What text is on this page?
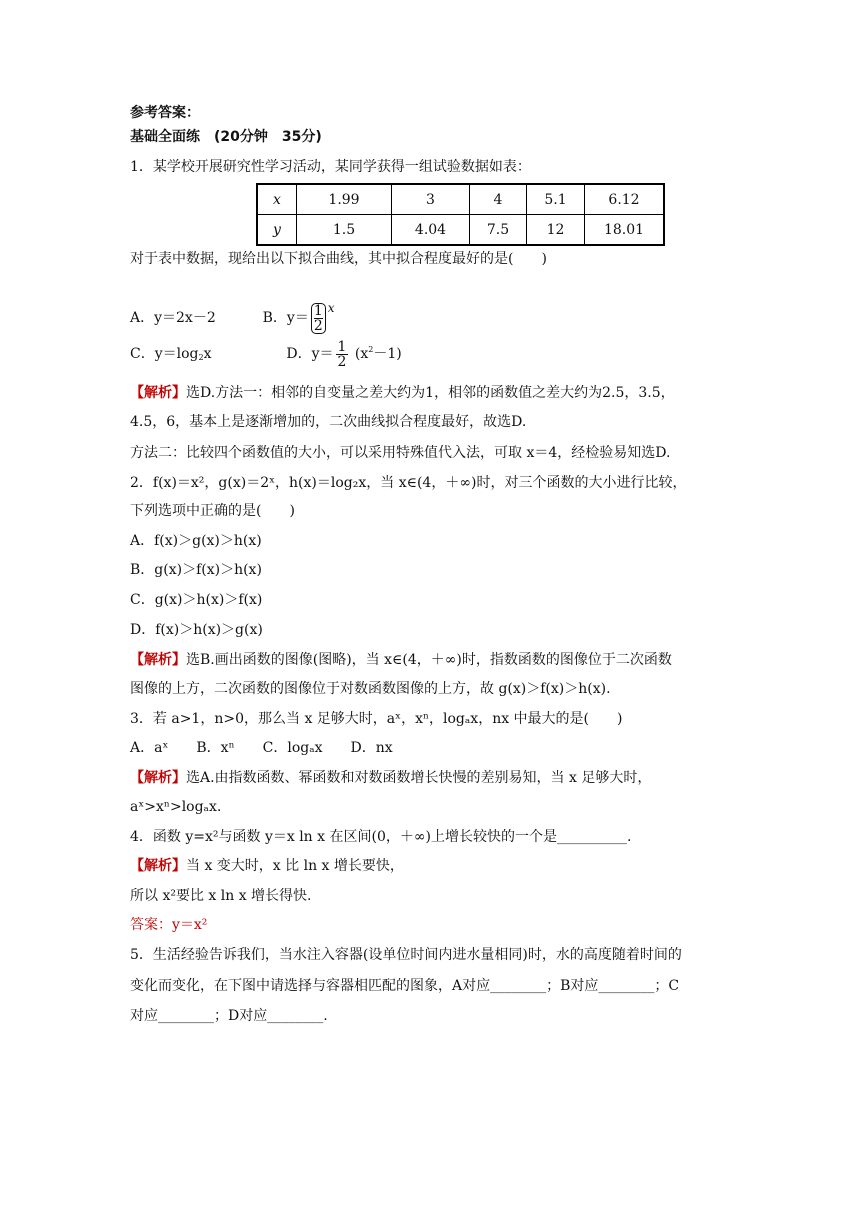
参考答案：
基础全面练　(20分钟　35分)
1．某学校开展研究性学习活动，某同学获得一组试验数据如表：
x	1.99	3	4	5.1	6.12
y	1.5	4.04	7.5	12	18.01
对于表中数据，现给出以下拟合曲线，其中拟合程度最好的是(　　)
A．y＝2x－2	B．$y= \frac{1}{2}$ x
C．$y=\log_2x$	D．$y= \frac{1}{2} (x^2-1)$
【解析】选D.方法一：相邻的自变量之差大约为1，相邻的函数值之差大约为2.5，3.5，
4.5，6，基本上是逐渐增加的，二次曲线拟合程度最好，故选D.
方法二：比较四个函数值的大小，可以采用特殊值代入法，可取 x＝4，经检验易知选D.
2．f(x)＝x²，g(x)＝2ˣ，h(x)＝log₂x，当 x∈(4，＋∞)时，对三个函数的大小进行比较，
下列选项中正确的是(　　)
A．f(x)＞g(x)＞h(x)
B．g(x)＞f(x)＞h(x)
C．g(x)＞h(x)＞f(x)
D．f(x)＞h(x)＞g(x)
【解析】选B.画出函数的图像(图略)，当 x∈(4，＋∞)时，指数函数的图像位于二次函数
图像的上方，二次函数的图像位于对数函数图像的上方，故 g(x)＞f(x)＞h(x).
3．若 a>1，n>0，那么当 x 足够大时，aˣ，xⁿ，logₐx，nx 中最大的是(　　)
A．aˣ　　B．xⁿ　　C．logₐx　　D．nx
【解析】选A.由指数函数、幂函数和对数函数增长快慢的差别易知，当 x 足够大时，
aˣ>xⁿ>logₐx.
4．函数 y=x²与函数 y＝x ln x 在区间(0，＋∞)上增长较快的一个是__________.
【解析】当 x 变大时，x 比 ln x 增长要快，
所以 x²要比 x ln x 增长得快.
答案：y＝x²
5．生活经验告诉我们，当水注入容器(设单位时间内进水量相同)时，水的高度随着时间的
变化而变化，在下图中请选择与容器相匹配的图象，A对应________；B对应________；C
对应________；D对应________.
